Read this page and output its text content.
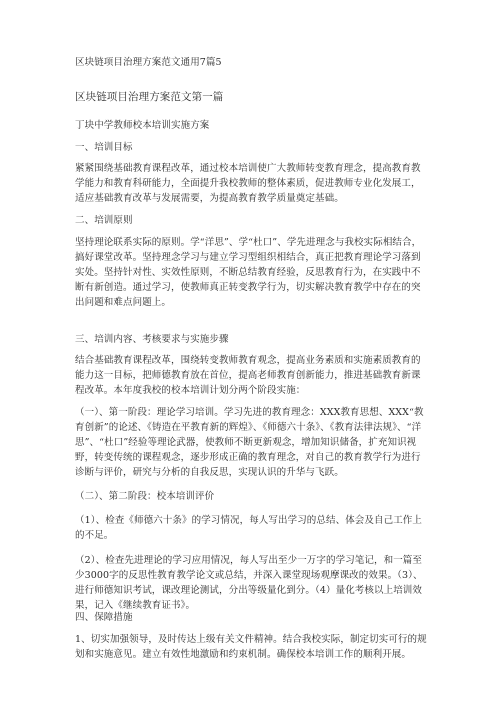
区块链项目治理方案范文通用7篇5
区块链项目治理方案范文第一篇
丁块中学教师校本培训实施方案
一、培训目标
紧紧围绕基础教育课程改革，通过校本培训使广大教师转变教育理念，提高教育教学能力和教育科研能力，全面提升我校教师的整体素质，促进教师专业化发展工，适应基础教育改革与发展需要，为提高教育教学质量奠定基础。
二、培训原则
坚持理论联系实际的原则。学“洋思”、学“杜口”、学先进理念与我校实际相结合，搞好课堂改革。坚持理念学习与建立学习型组织相结合，真正把教育理论学习落到实处。坚持针对性、实效性原则，不断总结教育经验，反思教育行为，在实践中不断有新创造。通过学习，使教师真正转变教学行为，切实解决教育教学中存在的突出问题和难点问题上。
三、培训内容、考核要求与实施步骤
结合基础教育课程改革，围绕转变教师教育观念，提高业务素质和实施素质教育的能力这一目标，把师德教育放在首位，提高老师教育创新能力，推进基础教育新课程改革。本年度我校的校本培训计划分两个阶段实施：
（一）、第一阶段：理论学习培训。学习先进的教育理念：XXX教育思想、XXX“教育创新”的论述、《铸造在平教育新的辉煌》、《师德六十条》、《教育法律法规》、“洋思”、“杜口”经验等理论武器，使教师不断更新观念，增加知识储备，扩充知识视野，转变传统的课程观念，逐步形成正确的教育理念，对自己的教育教学行为进行诊断与评价，研究与分析的自我反思，实现认识的升华与飞跃。
（二）、第二阶段：校本培训评价
（1）、检查《师德六十条》的学习情况，每人写出学习的总结、体会及自己工作上的不足。
（2）、检查先进理论的学习应用情况，每人写出至少一万字的学习笔记，和一篇至少3000字的反思性教育教学论文或总结，并深入课堂现场观摩课改的效果。（3）、进行师德知识考试，课改理论测试，分出等级量化到分。（4）量化考核以上培训效果，记入《继续教育证书》。
四、保障措施
1、切实加强领导，及时传达上级有关文件精神。结合我校实际，制定切实可行的规划和实施意见。建立有效性地激励和约束机制。确保校本培训工作的顺利开展。
